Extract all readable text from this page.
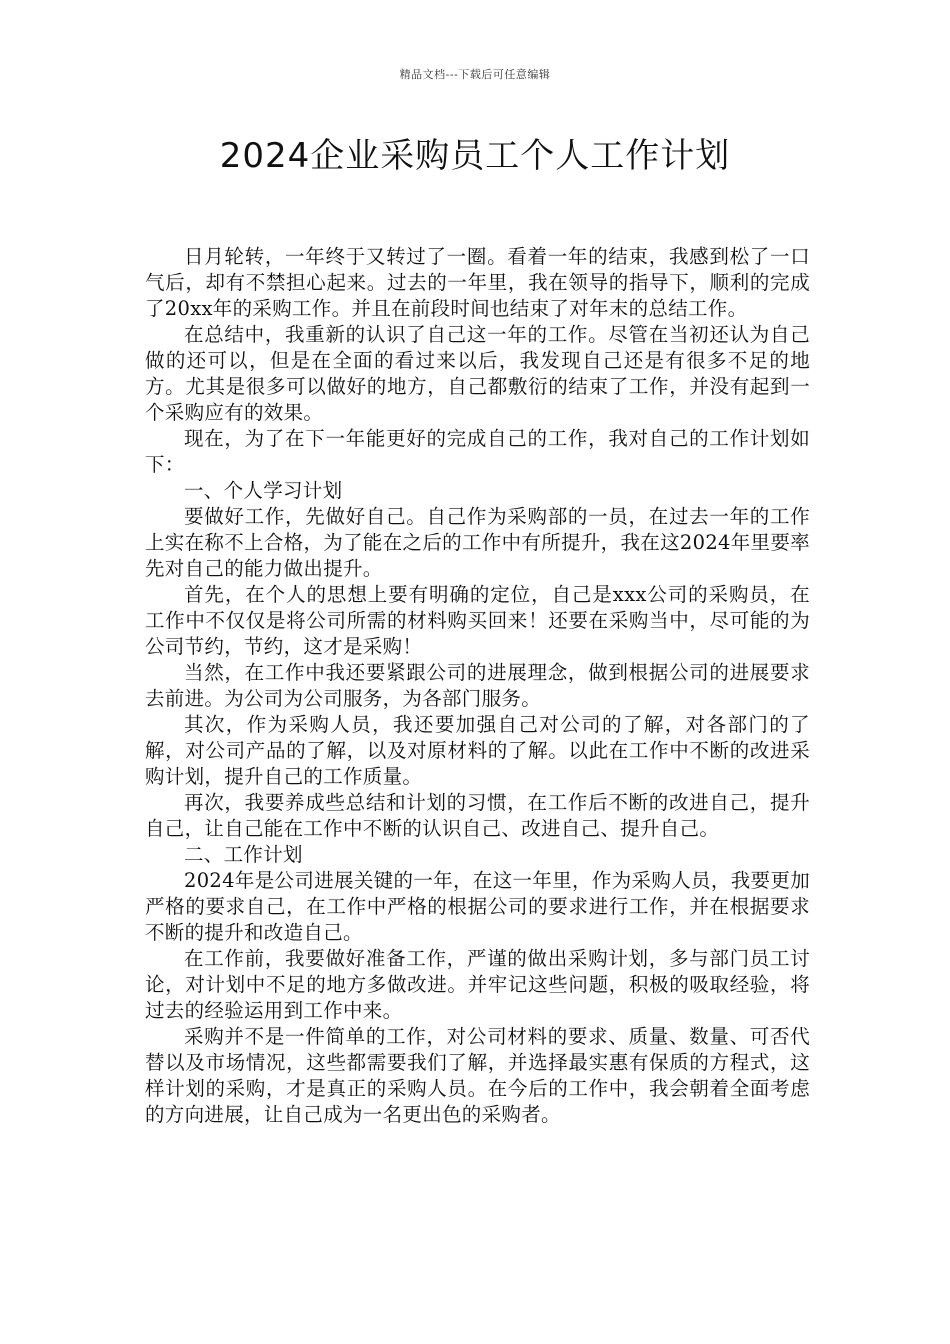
精品文档---下载后可任意编辑
2024企业采购员工个人工作计划

日月轮转，一年终于又转过了一圈。看着一年的结束，我感到松了一口气后，却有不禁担心起来。过去的一年里，我在领导的指导下，顺利的完成了20xx年的采购工作。并且在前段时间也结束了对年末的总结工作。

在总结中，我重新的认识了自己这一年的工作。尽管在当初还认为自己做的还可以，但是在全面的看过来以后，我发现自己还是有很多不足的地方。尤其是很多可以做好的地方，自己都敷衍的结束了工作，并没有起到一个采购应有的效果。

现在，为了在下一年能更好的完成自己的工作，我对自己的工作计划如下：

一、个人学习计划

要做好工作，先做好自己。自己作为采购部的一员，在过去一年的工作上实在称不上合格，为了能在之后的工作中有所提升，我在这2024年里要率先对自己的能力做出提升。

首先，在个人的思想上要有明确的定位，自己是xxx公司的采购员，在工作中不仅仅是将公司所需的材料购买回来！还要在采购当中，尽可能的为公司节约，节约，这才是采购！

当然，在工作中我还要紧跟公司的进展理念，做到根据公司的进展要求去前进。为公司为公司服务，为各部门服务。

其次，作为采购人员，我还要加强自己对公司的了解，对各部门的了解，对公司产品的了解，以及对原材料的了解。以此在工作中不断的改进采购计划，提升自己的工作质量。

再次，我要养成些总结和计划的习惯，在工作后不断的改进自己，提升自己，让自己能在工作中不断的认识自己、改进自己、提升自己。

二、工作计划

2024年是公司进展关键的一年，在这一年里，作为采购人员，我要更加严格的要求自己，在工作中严格的根据公司的要求进行工作，并在根据要求不断的提升和改造自己。

在工作前，我要做好准备工作，严谨的做出采购计划，多与部门员工讨论，对计划中不足的地方多做改进。并牢记这些问题，积极的吸取经验，将过去的经验运用到工作中来。

采购并不是一件简单的工作，对公司材料的要求、质量、数量、可否代替以及市场情况，这些都需要我们了解，并选择最实惠有保质的方程式，这样计划的采购，才是真正的采购人员。在今后的工作中，我会朝着全面考虑的方向进展，让自己成为一名更出色的采购者。
